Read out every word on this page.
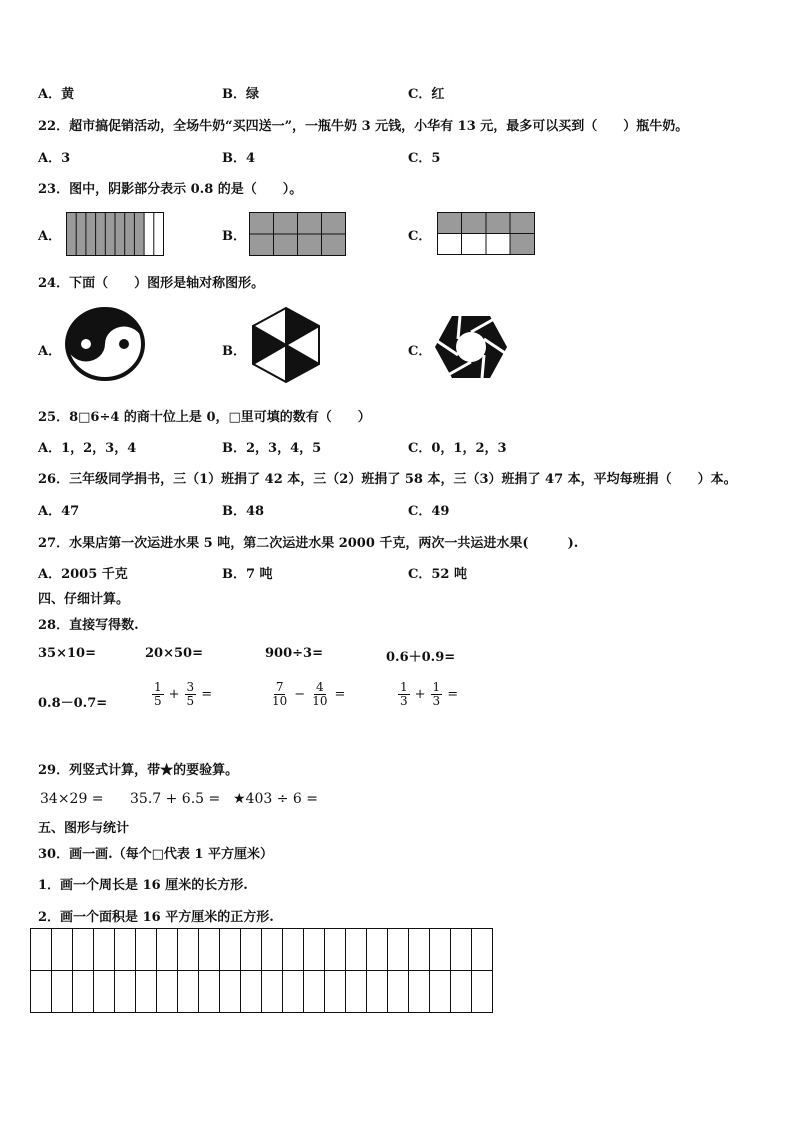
A．黄	B．绿	C．红
22．超市搞促销活动，全场牛奶“买四送一”，一瓶牛奶 3 元钱，小华有 13 元，最多可以买到（　　）瓶牛奶。
A．3	B．4	C．5
23．图中，阴影部分表示 0.8 的是（　　）。
A．	B．	C．
24．下面（　　）图形是轴对称图形。
A．	B．	C．
25．8□6÷4 的商十位上是 0，□里可填的数有（　　）
A．1，2，3，4	B．2，3，4，5	C．0，1，2，3
26．三年级同学捐书，三（1）班捐了 42 本，三（2）班捐了 58 本，三（3）班捐了 47 本，平均每班捐（　　）本。
A．47	B．48	C．49
27．水果店第一次运进水果 5 吨，第二次运进水果 2000 千克，两次一共运进水果(　　　).
A．2005 千克	B．7 吨	C．52 吨
四、仔细计算。
28．直接写得数.
35×10=	20×50=	900÷3=	0.6＋0.9=
0.8－0.7=	$\frac{1}{5} + \frac{3}{5}$ =	$\frac{7}{10} - \frac{4}{10}$ =	$\frac{1}{3} + \frac{1}{3}$ =
29．列竖式计算，带★的要验算。
34×29 = 35.7 + 6.5 = ★403 ÷ 6 =
五、图形与统计
30．画一画.（每个□代表 1 平方厘米）
1．画一个周长是 16 厘米的长方形.
2．画一个面积是 16 平方厘米的正方形.
